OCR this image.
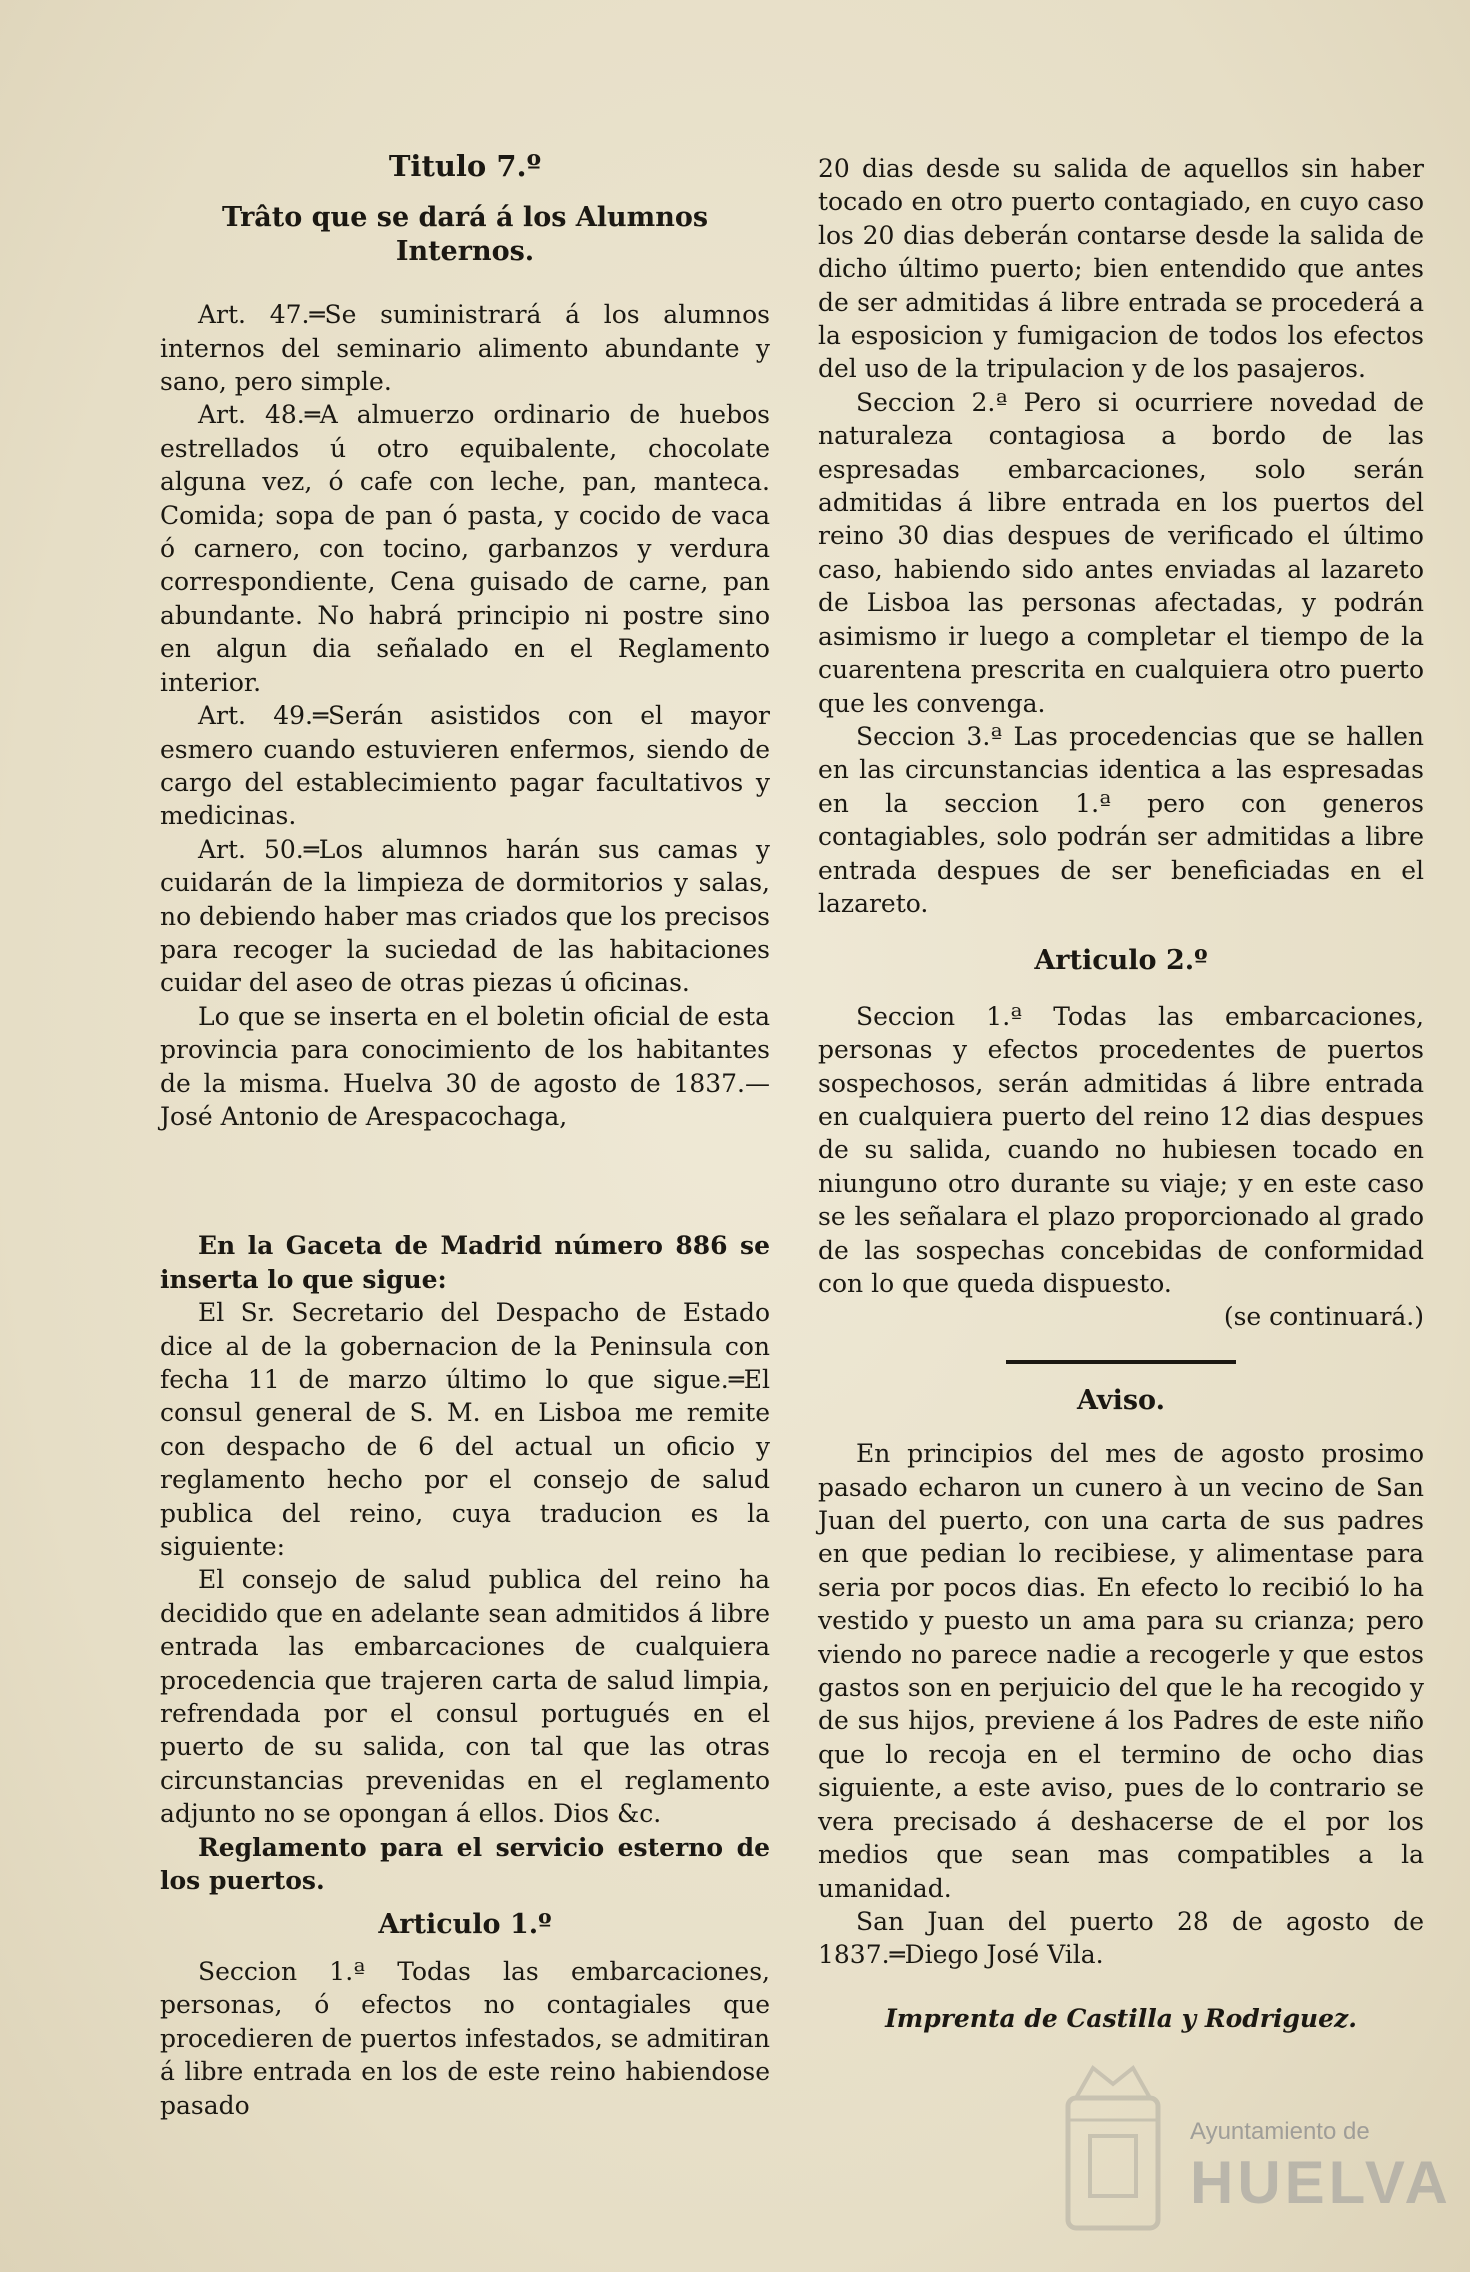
Titulo 7.º
Trâto que se dará á los Alumnos Internos.

Art. 47.═Se suministrará á los alumnos internos del seminario alimento abundante y sano, pero simple.

Art. 48.═A almuerzo ordinario de huebos estrellados ú otro equibalente, chocolate alguna vez, ó cafe con leche, pan, manteca. Comida; sopa de pan ó pasta, y cocido de vaca ó carnero, con tocino, garbanzos y verdura correspondiente, Cena guisado de carne, pan abundante. No habrá principio ni postre sino en algun dia señalado en el Reglamento interior.

Art. 49.═Serán asistidos con el mayor esmero cuando estuvieren enfermos, siendo de cargo del establecimiento pagar facultativos y medicinas.

Art. 50.═Los alumnos harán sus camas y cuidarán de la limpieza de dormitorios y salas, no debiendo haber mas criados que los precisos para recoger la suciedad de las habitaciones cuidar del aseo de otras piezas ú oficinas.

Lo que se inserta en el boletin oficial de esta provincia para conocimiento de los habitantes de la misma. Huelva 30 de agosto de 1837.—José Antonio de Arespacochaga,

En la Gaceta de Madrid número 886 se inserta lo que sigue:

El Sr. Secretario del Despacho de Estado dice al de la gobernacion de la Peninsula con fecha 11 de marzo último lo que sigue.═El consul general de S. M. en Lisboa me remite con despacho de 6 del actual un oficio y reglamento hecho por el consejo de salud publica del reino, cuya traducion es la siguiente:

El consejo de salud publica del reino ha decidido que en adelante sean admitidos á libre entrada las embarcaciones de cualquiera procedencia que trajeren carta de salud limpia, refrendada por el consul portugués en el puerto de su salida, con tal que las otras circunstancias prevenidas en el reglamento adjunto no se opongan á ellos. Dios &c.

Reglamento para el servicio esterno de los puertos.

Articulo 1.º

Seccion 1.ª Todas las embarcaciones, personas, ó efectos no contagiales que procedieren de puertos infestados, se admitiran á libre entrada en los de este reino habiendose pasado

20 dias desde su salida de aquellos sin haber tocado en otro puerto contagiado, en cuyo caso los 20 dias deberán contarse desde la salida de dicho último puerto; bien entendido que antes de ser admitidas á libre entrada se procederá a la esposicion y fumigacion de todos los efectos del uso de la tripulacion y de los pasajeros.

Seccion 2.ª Pero si ocurriere novedad de naturaleza contagiosa a bordo de las espresadas embarcaciones, solo serán admitidas á libre entrada en los puertos del reino 30 dias despues de verificado el último caso, habiendo sido antes enviadas al lazareto de Lisboa las personas afectadas, y podrán asimismo ir luego a completar el tiempo de la cuarentena prescrita en cualquiera otro puerto que les convenga.

Seccion 3.ª Las procedencias que se hallen en las circunstancias identica a las espresadas en la seccion 1.ª pero con generos contagiables, solo podrán ser admitidas a libre entrada despues de ser beneficiadas en el lazareto.

Articulo 2.º

Seccion 1.ª Todas las embarcaciones, personas y efectos procedentes de puertos sospechosos, serán admitidas á libre entrada en cualquiera puerto del reino 12 dias despues de su salida, cuando no hubiesen tocado en niunguno otro durante su viaje; y en este caso se les señalara el plazo proporcionado al grado de las sospechas concebidas de conformidad con lo que queda dispuesto.

(se continuará.)
Aviso.

En principios del mes de agosto prosimo pasado echaron un cunero à un vecino de San Juan del puerto, con una carta de sus padres en que pedian lo recibiese, y alimentase para seria por pocos dias. En efecto lo recibió lo ha vestido y puesto un ama para su crianza; pero viendo no parece nadie a recogerle y que estos gastos son en perjuicio del que le ha recogido y de sus hijos, previene á los Padres de este niño que lo recoja en el termino de ocho dias siguiente, a este aviso, pues de lo contrario se vera precisado á deshacerse de el por los medios que sean mas compatibles a la umanidad.

San Juan del puerto 28 de agosto de 1837.═Diego José Vila.

Imprenta de Castilla y Rodriguez.
Ayuntamiento de
HUELVA
